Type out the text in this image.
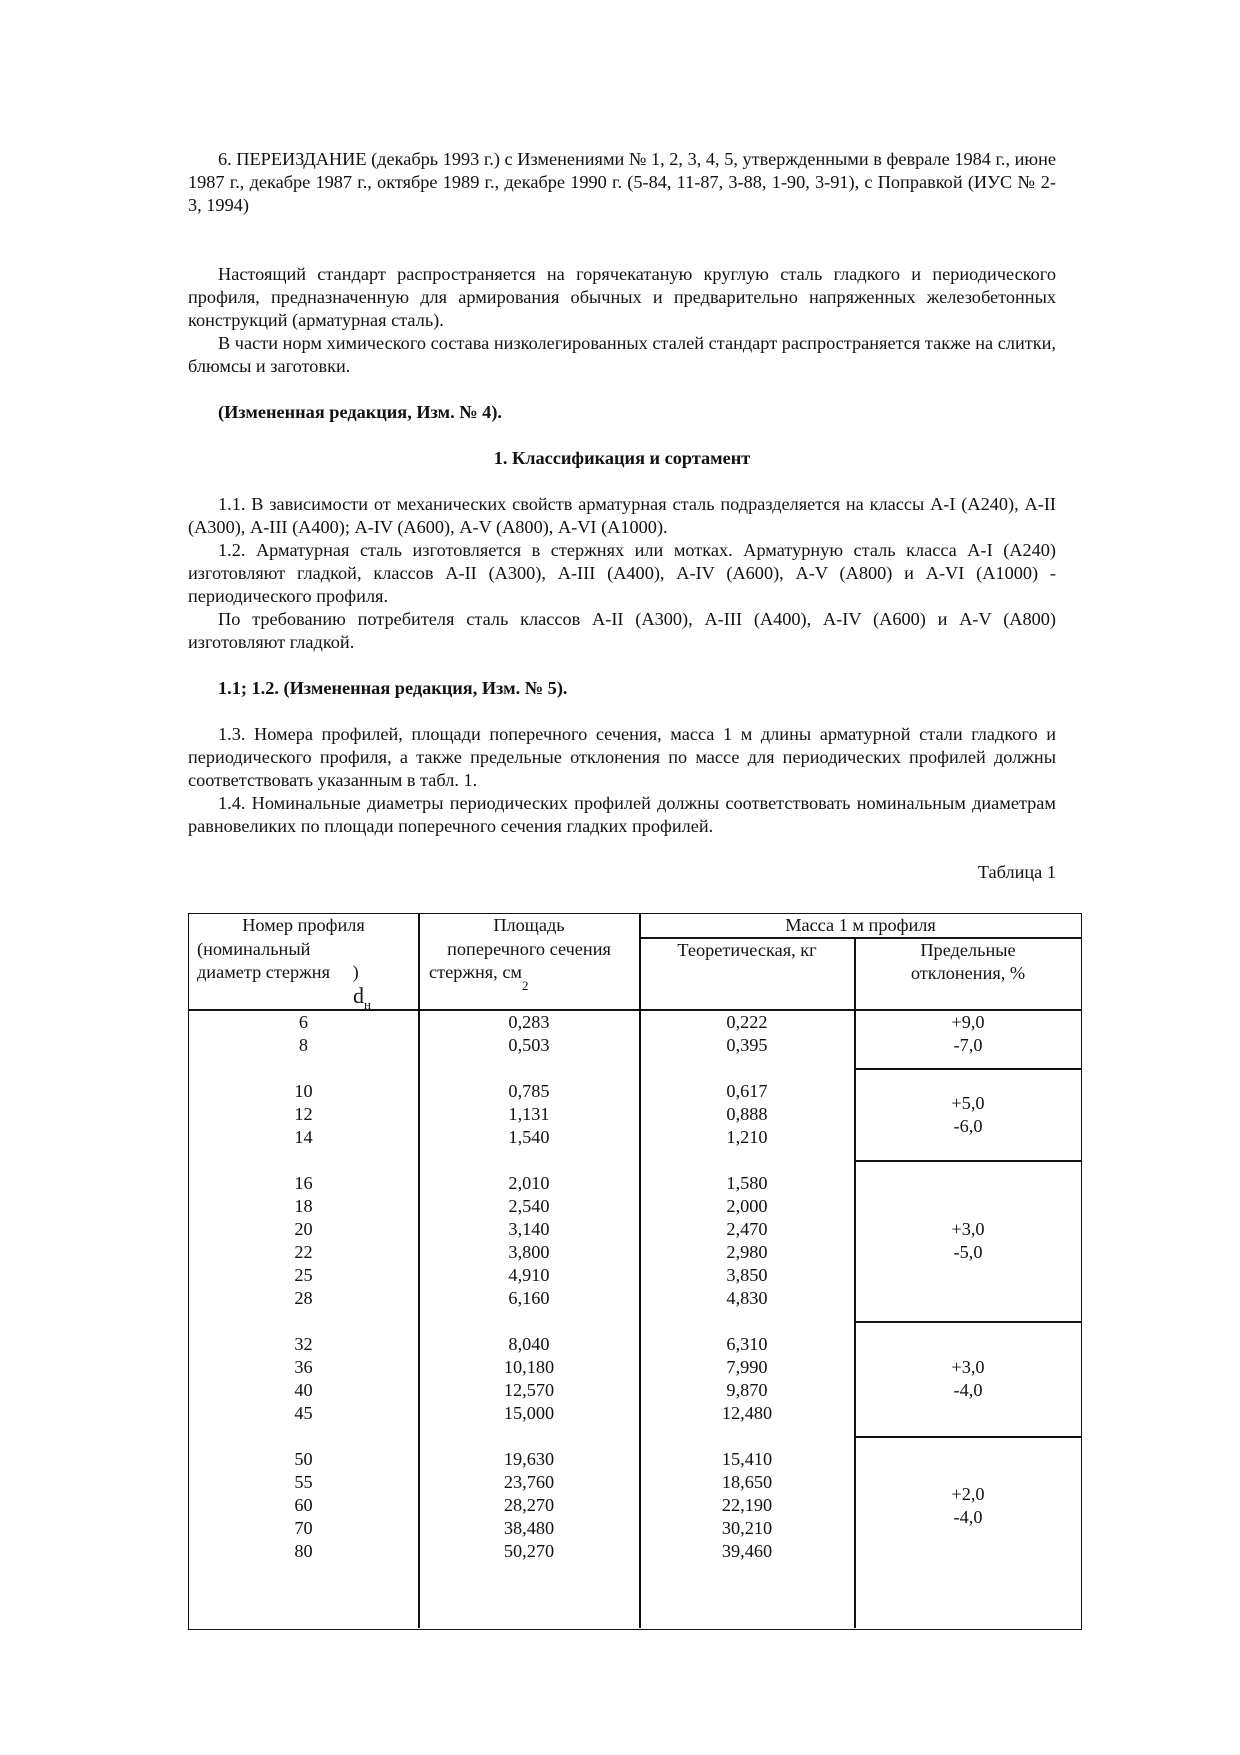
6. ПЕРЕИЗДАНИЕ (декабрь 1993 г.) с Изменениями № 1, 2, 3, 4, 5, утвержденными в феврале 1984 г., июне 1987 г., декабре 1987 г., октябре 1989 г., декабре 1990 г. (5-84, 11-87, 3-88, 1-90, 3-91), с Поправкой (ИУС № 2-3, 1994)

Настоящий стандарт распространяется на горячекатаную круглую сталь гладкого и периодического профиля, предназначенную для армирования обычных и предварительно напряженных железобетонных конструкций (арматурная сталь).

В части норм химического состава низколегированных сталей стандарт распространяется также на слитки, блюмсы и заготовки.

(Измененная редакция, Изм. № 4).

1. Классификация и сортамент

1.1. В зависимости от механических свойств арматурная сталь подразделяется на классы А-I (А240), А-II (А300), А-III (А400); А-IV (А600), А-V (А800), А-VI (А1000).

1.2. Арматурная сталь изготовляется в стержнях или мотках. Арматурную сталь класса А-I (А240) изготовляют гладкой, классов А-II (А300), А-III (А400), А-IV (А600), А-V (А800) и А-VI (А1000) - периодического профиля.

По требованию потребителя сталь классов А-II (А300), А-III (А400), А-IV (А600) и А-V (А800) изготовляют гладкой.

1.1; 1.2. (Измененная редакция, Изм. № 5).

1.3. Номера профилей, площади поперечного сечения, масса 1 м длины арматурной стали гладкого и периодического профиля, а также предельные отклонения по массе для периодических профилей должны соответствовать указанным в табл. 1.

1.4. Номинальные диаметры периодических профилей должны соответствовать номинальным диаметрам равновеликих по площади поперечного сечения гладких профилей.

Таблица 1

Номер профиля
(номинальный
диаметр стержня )
$d_н$
Площадь
поперечного сечения
стержня, $см_2$
Масса 1 м профиля
Теоретическая, кг	Предельные
отклонения, %
6
8
10
12
14
16
18
20
22
25
28
32
36
40
45
50
55
60
70
80
0,283
0,503
0,785
1,131
1,540
2,010
2,540
3,140
3,800
4,910
6,160
8,040
10,180
12,570
15,000
19,630
23,760
28,270
38,480
50,270
0,222
0,395
0,617
0,888
1,210
1,580
2,000
2,470
2,980
3,850
4,830
6,310
7,990
9,870
12,480
15,410
18,650
22,190
30,210
39,460
+9,0
-7,0
+5,0
-6,0
+3,0
-5,0
+3,0
-4,0
+2,0
-4,0
